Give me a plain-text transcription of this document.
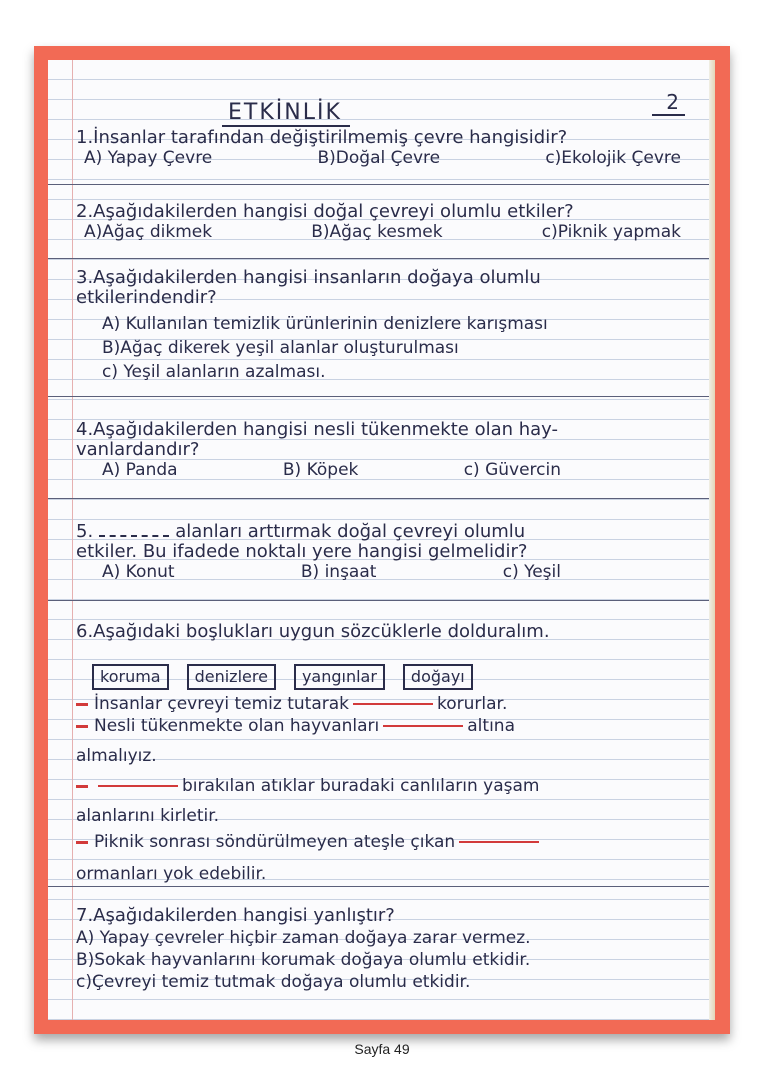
ETKİNLİK	2
1.İnsanlar tarafından değiştirilmemiş çevre hangisidir?
A) Yapay Çevre	B)Doğal Çevre	c)Ekolojik Çevre
2.Aşağıdakilerden hangisi doğal çevreyi olumlu etkiler?
A)Ağaç dikmek	B)Ağaç kesmek	c)Piknik yapmak
3.Aşağıdakilerden hangisi insanların doğaya olumlu
etkilerindendir?
A) Kullanılan temizlik ürünlerinin denizlere karışması
B)Ağaç dikerek yeşil alanlar oluşturulması
c) Yeşil alanların azalması.
4.Aşağıdakilerden hangisi nesli tükenmekte olan hay-
vanlardandır?
A) Panda	B) Köpek	c) Güvercin
5.	alanları arttırmak doğal çevreyi olumlu
etkiler. Bu ifadede noktalı yere hangisi gelmelidir?
A) Konut	B) inşaat	c) Yeşil
6.Aşağıdaki boşlukları uygun sözcüklerle dolduralım.
koruma	denizlere	yangınlar	doğayı
İnsanlar çevreyi temiz tutarak	korurlar.
Nesli tükenmekte olan hayvanları	altına
almalıyız.
bırakılan atıklar buradaki canlıların yaşam
alanlarını kirletir.
Piknik sonrası söndürülmeyen ateşle çıkan
ormanları yok edebilir.
7.Aşağıdakilerden hangisi yanlıştır?
A) Yapay çevreler hiçbir zaman doğaya zarar vermez.
B)Sokak hayvanlarını korumak doğaya olumlu etkidir.
c)Çevreyi temiz tutmak doğaya olumlu etkidir.
Sayfa 49
